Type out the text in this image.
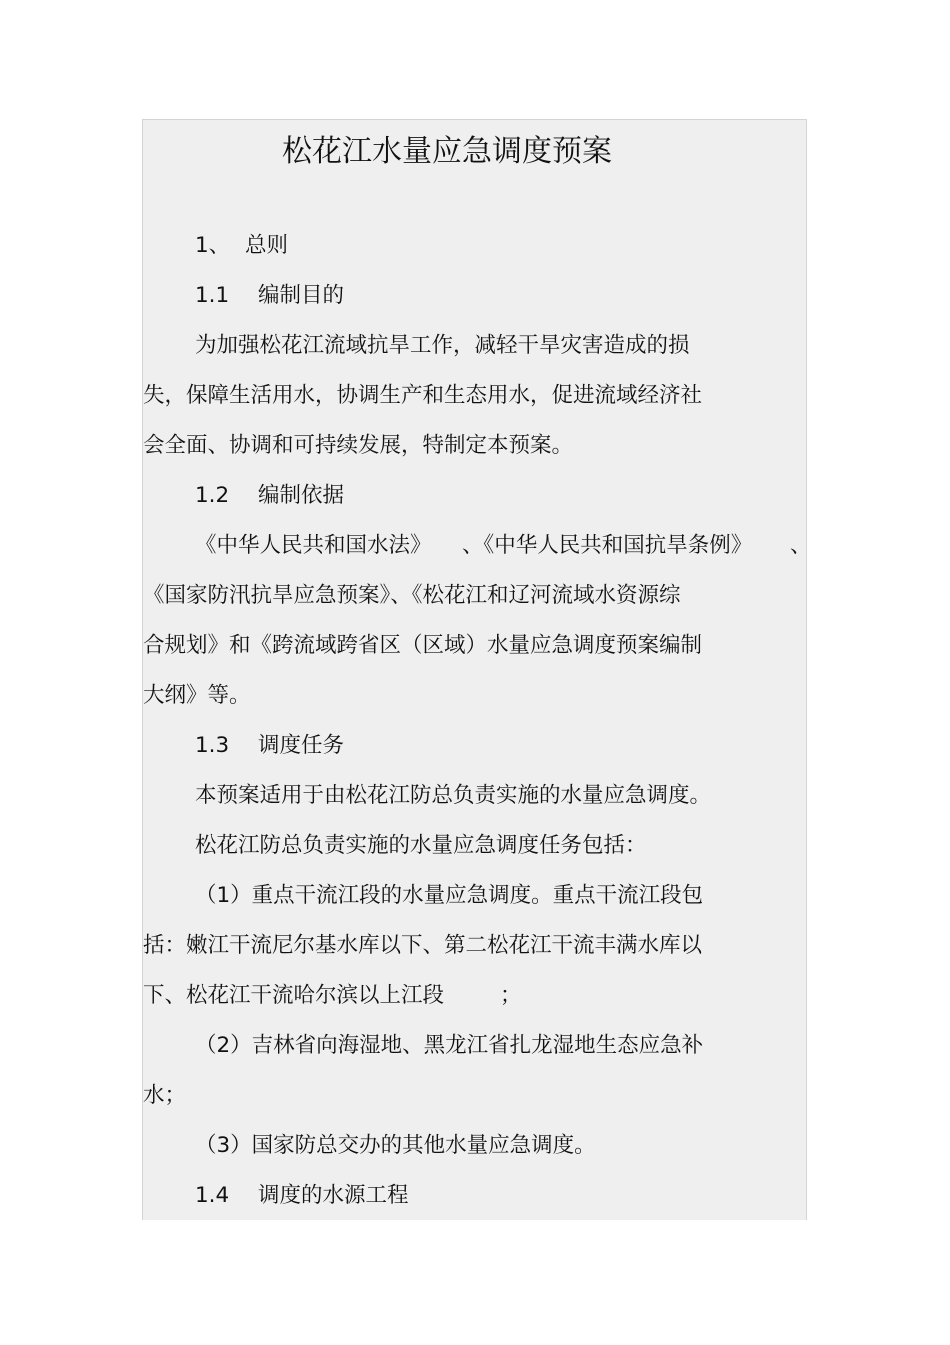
松花江水量应急调度预案
1、 总则
1.1 编制目的
为加强松花江流域抗旱工作，减轻干旱灾害造成的损
失，保障生活用水，协调生产和生态用水，促进流域经济社
会全面、协调和可持续发展，特制定本预案。
1.2 编制依据
《中华人民共和国水法》 、《中华人民共和国抗旱条例》 、
《国家防汛抗旱应急预案》、《松花江和辽河流域水资源综
合规划》和《跨流域跨省区（区域）水量应急调度预案编制
大纲》等。
1.3 调度任务
本预案适用于由松花江防总负责实施的水量应急调度。
松花江防总负责实施的水量应急调度任务包括：
（1）重点干流江段的水量应急调度。重点干流江段包
括：嫩江干流尼尔基水库以下、第二松花江干流丰满水库以
下、松花江干流哈尔滨以上江段	；
（2）吉林省向海湿地、黑龙江省扎龙湿地生态应急补
水；
（3）国家防总交办的其他水量应急调度。
1.4 调度的水源工程
